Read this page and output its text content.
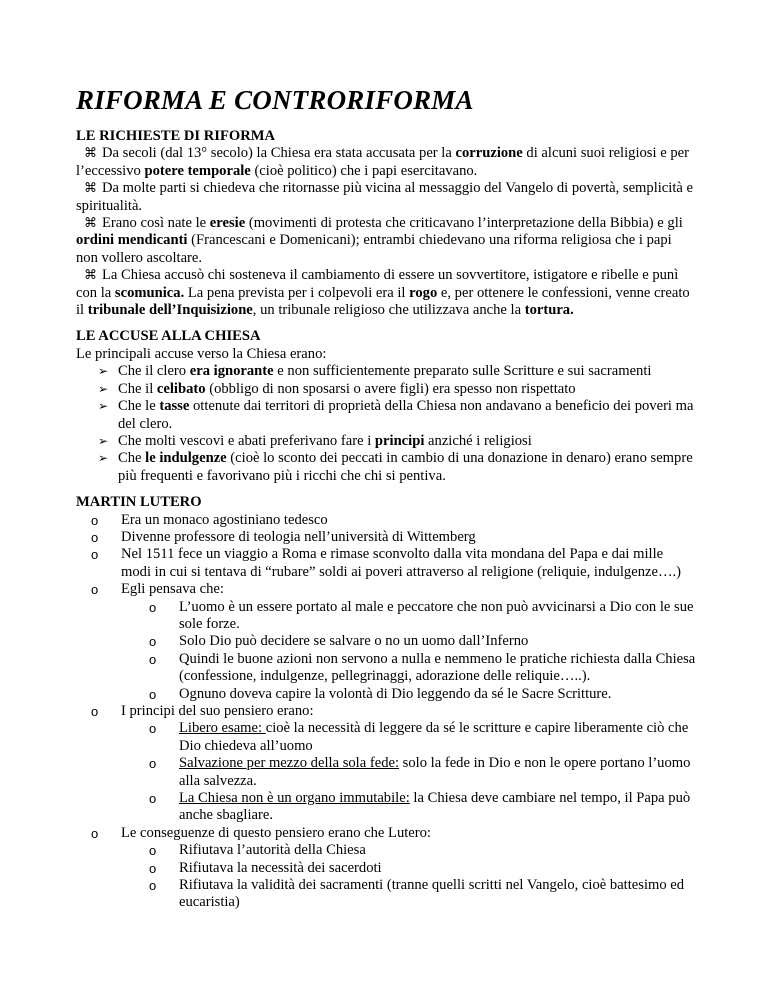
RIFORMA E CONTRORIFORMA
LE RICHIESTE DI RIFORMA

⌘ Da secoli (dal 13° secolo) la Chiesa era stata accusata per la corruzione di alcuni suoi religiosi e per l’eccessivo potere temporale (cioè politico) che i papi esercitavano.

⌘ Da molte parti si chiedeva che ritornasse più vicina al messaggio del Vangelo di povertà, semplicità e spiritualità.

⌘ Erano così nate le eresie (movimenti di protesta che criticavano l’interpretazione della Bibbia) e gli ordini mendicanti (Francescani e Domenicani); entrambi chiedevano una riforma religiosa che i papi non vollero ascoltare.

⌘ La Chiesa accusò chi sosteneva il cambiamento di essere un sovvertitore, istigatore e ribelle e punì con la scomunica. La pena prevista per i colpevoli era il rogo e, per ottenere le confessioni, venne creato il tribunale dell’Inquisizione, un tribunale religioso che utilizzava anche la tortura.

LE ACCUSE ALLA CHIESA

Le principali accuse verso la Chiesa erano:

➢ Che il clero era ignorante e non sufficientemente preparato sulle Scritture e sui sacramenti
➢ Che il celibato (obbligo di non sposarsi o avere figli) era spesso non rispettato
➢ Che le tasse ottenute dai territori di proprietà della Chiesa non andavano a beneficio dei poveri ma del clero.
➢ Che molti vescovi e abati preferivano fare i principi anziché i religiosi
➢ Che le indulgenze (cioè lo sconto dei peccati in cambio di una donazione in denaro) erano sempre più frequenti e favorivano più i ricchi che chi si pentiva.
MARTIN LUTERO
o Era un monaco agostiniano tedesco
o Divenne professore di teologia nell’università di Wittemberg
o Nel 1511 fece un viaggio a Roma e rimase sconvolto dalla vita mondana del Papa e dai mille modi in cui si tentava di “rubare” soldi ai poveri attraverso al religione (reliquie, indulgenze….)
o Egli pensava che:
o L’uomo è un essere portato al male e peccatore che non può avvicinarsi a Dio con le sue sole forze.
o Solo Dio può decidere se salvare o no un uomo dall’Inferno
o Quindi le buone azioni non servono a nulla e nemmeno le pratiche richiesta dalla Chiesa (confessione, indulgenze, pellegrinaggi, adorazione delle reliquie…..).
o Ognuno doveva capire la volontà di Dio leggendo da sé le Sacre Scritture.
o I principi del suo pensiero erano:
o Libero esame: cioè la necessità di leggere da sé le scritture e capire liberamente ciò che Dio chiedeva all’uomo
o Salvazione per mezzo della sola fede: solo la fede in Dio e non le opere portano l’uomo alla salvezza.
o La Chiesa non è un organo immutabile: la Chiesa deve cambiare nel tempo, il Papa può anche sbagliare.
o Le conseguenze di questo pensiero erano che Lutero:
o Rifiutava l’autorità della Chiesa
o Rifiutava la necessità dei sacerdoti
o Rifiutava la validità dei sacramenti (tranne quelli scritti nel Vangelo, cioè battesimo ed eucaristia)
